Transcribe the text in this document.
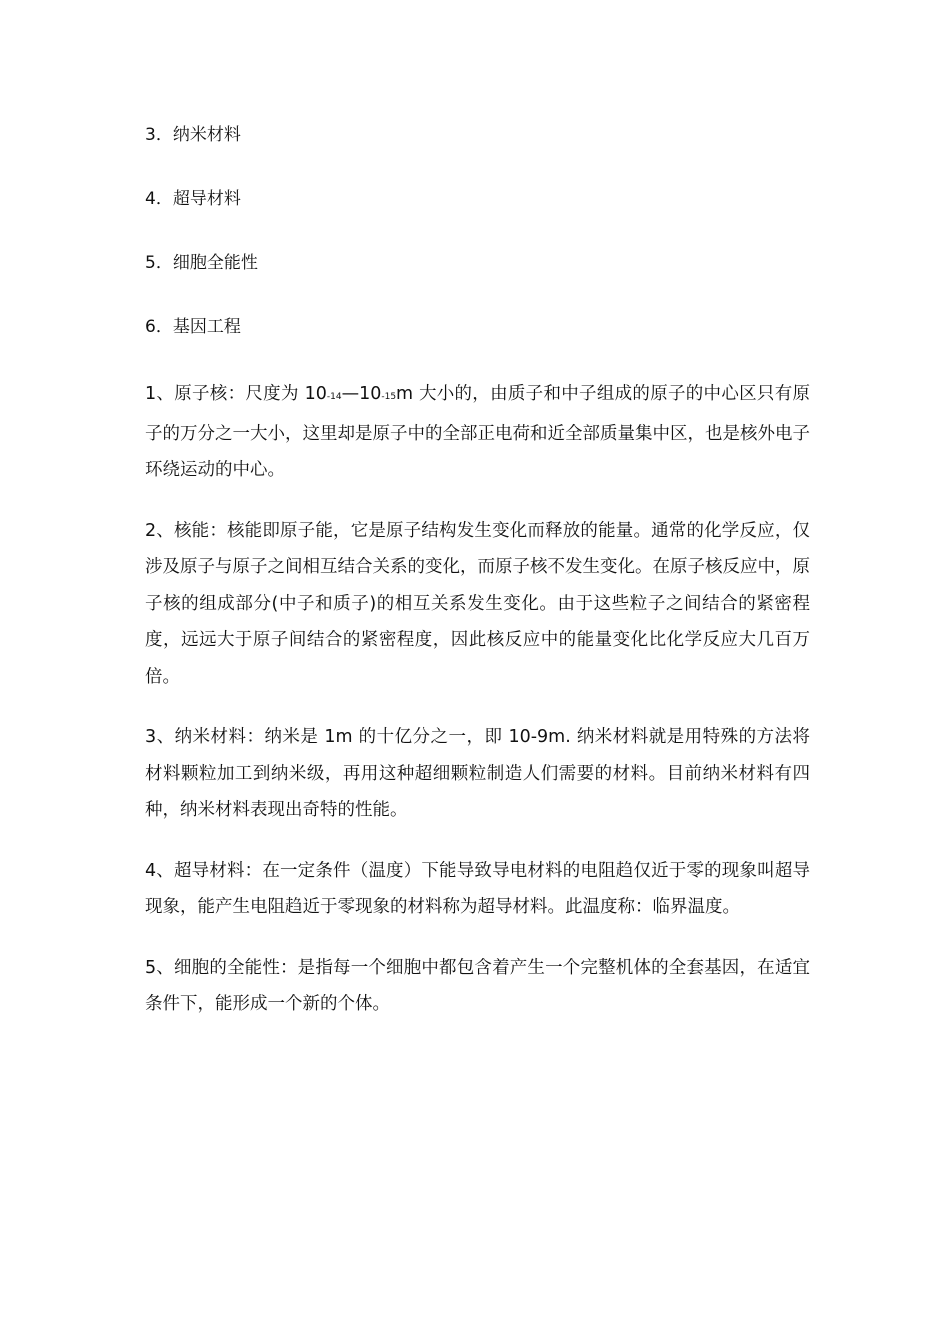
3．纳米材料
4．超导材料
5．细胞全能性
6．基因工程

1、原子核：尺度为 10-14—10-15m 大小的，由质子和中子组成的原子的中心区只有原子的万分之一大小，这里却是原子中的全部正电荷和近全部质量集中区，也是核外电子环绕运动的中心。

2、核能：核能即原子能，它是原子结构发生变化而释放的能量。通常的化学反应，仅涉及原子与原子之间相互结合关系的变化，而原子核不发生变化。在原子核反应中，原子核的组成部分(中子和质子)的相互关系发生变化。由于这些粒子之间结合的紧密程度，远远大于原子间结合的紧密程度，因此核反应中的能量变化比化学反应大几百万倍。

3、纳米材料：纳米是 1m 的十亿分之一，即 10-9m. 纳米材料就是用特殊的方法将材料颗粒加工到纳米级，再用这种超细颗粒制造人们需要的材料。目前纳米材料有四种，纳米材料表现出奇特的性能。

4、超导材料：在一定条件（温度）下能导致导电材料的电阻趋仅近于零的现象叫超导现象，能产生电阻趋近于零现象的材料称为超导材料。此温度称：临界温度。

5、细胞的全能性：是指每一个细胞中都包含着产生一个完整机体的全套基因，在适宜条件下，能形成一个新的个体。
